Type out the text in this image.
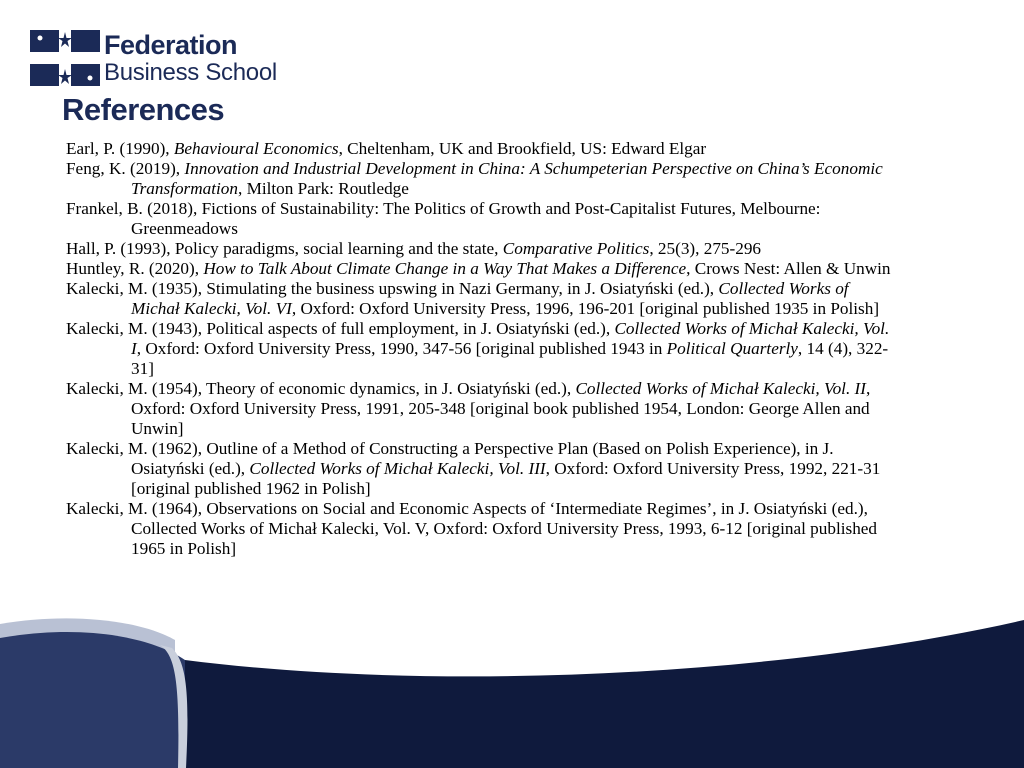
Federation
Business School
References
Earl, P. (1990), Behavioural Economics, Cheltenham, UK and Brookfield, US: Edward Elgar
Feng, K. (2019), Innovation and Industrial Development in China: A Schumpeterian Perspective on China’s Economic Transformation, Milton Park: Routledge
Frankel, B. (2018), Fictions of Sustainability: The Politics of Growth and Post-Capitalist Futures, Melbourne: Greenmeadows
Hall, P. (1993), Policy paradigms, social learning and the state, Comparative Politics, 25(3), 275-296
Huntley, R. (2020), How to Talk About Climate Change in a Way That Makes a Difference, Crows Nest: Allen & Unwin
Kalecki, M. (1935), Stimulating the business upswing in Nazi Germany, in J. Osiatyński (ed.), Collected Works of Michał Kalecki, Vol. VI, Oxford: Oxford University Press, 1996, 196-201 [original published 1935 in Polish]
Kalecki, M. (1943), Political aspects of full employment, in J. Osiatyński (ed.), Collected Works of Michał Kalecki, Vol. I, Oxford: Oxford University Press, 1990, 347-56 [original published 1943 in Political Quarterly, 14 (4), 322-31]
Kalecki, M. (1954), Theory of economic dynamics, in J. Osiatyński (ed.), Collected Works of Michał Kalecki, Vol. II, Oxford: Oxford University Press, 1991, 205-348 [original book published 1954, London: George Allen and Unwin]
Kalecki, M. (1962), Outline of a Method of Constructing a Perspective Plan (Based on Polish Experience), in J. Osiatyński (ed.), Collected Works of Michał Kalecki, Vol. III, Oxford: Oxford University Press, 1992, 221-31 [original published 1962 in Polish]
Kalecki, M. (1964), Observations on Social and Economic Aspects of ‘Intermediate Regimes’, in J. Osiatyński (ed.), Collected Works of Michał Kalecki, Vol. V, Oxford: Oxford University Press, 1993, 6-12 [original published 1965 in Polish]
